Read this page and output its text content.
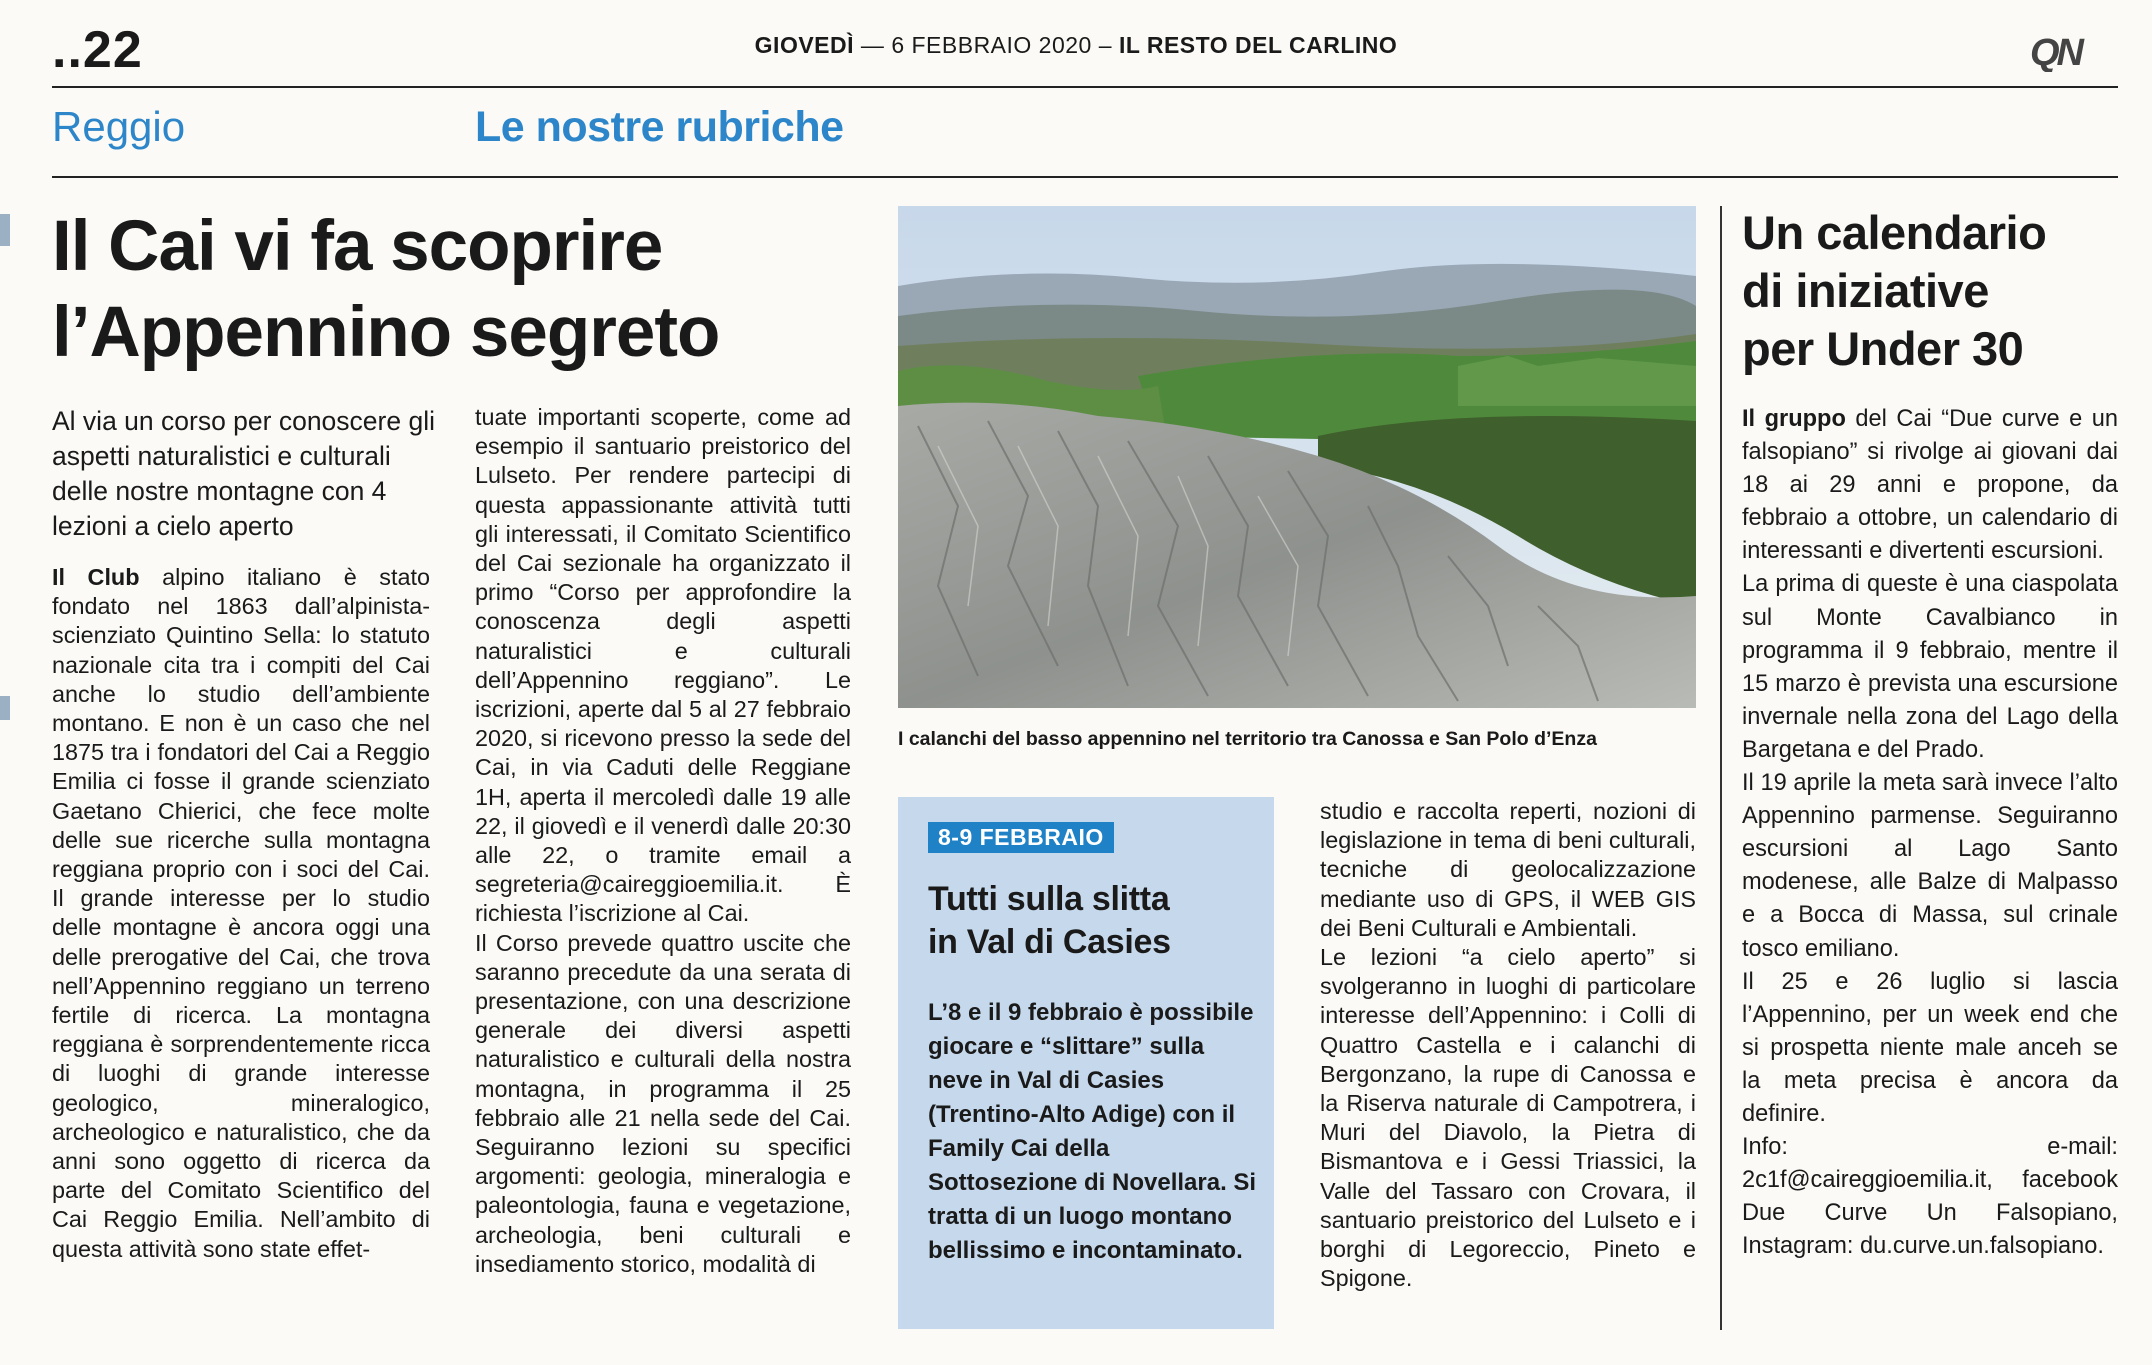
..22	GIOVEDÌ — 6 FEBBRAIO 2020 – IL RESTO DEL CARLINO	QN
Reggio	Le nostre rubriche
Il Cai vi fa scoprire
l’Appennino segreto
Al via un corso per conoscere gli aspetti naturalistici e culturali delle nostre montagne con 4 lezioni a cielo aperto

Il Club alpino italiano è stato fondato nel 1863 dall’alpinista-scienziato Quintino Sella: lo statuto nazionale cita tra i compiti del Cai anche lo studio dell’ambiente montano. E non è un caso che nel 1875 tra i fondatori del Cai a Reggio Emilia ci fosse il grande scienziato Gaetano Chierici, che fece molte delle sue ricerche sulla montagna reggiana proprio con i soci del Cai. Il grande interesse per lo studio delle montagne è ancora oggi una delle prerogative del Cai, che trova nell’Appennino reggiano un terreno fertile di ricerca. La montagna reggiana è sorprendentemente ricca di luoghi di grande interesse geologico, mineralogico, archeologico e naturalistico, che da anni sono oggetto di ricerca da parte del Comitato Scientifico del Cai Reggio Emilia. Nell’ambito di questa attività sono state effet-

tuate importanti scoperte, come ad esempio il santuario preistorico del Lulseto. Per rendere partecipi di questa appassionante attività tutti gli interessati, il Comitato Scientifico del Cai sezionale ha organizzato il primo “Corso per approfondire la conoscenza degli aspetti naturalistici e culturali dell’Appennino reggiano”. Le iscrizioni, aperte dal 5 al 27 febbraio 2020, si ricevono presso la sede del Cai, in via Caduti delle Reggiane 1H, aperta il mercoledì dalle 19 alle 22, il giovedì e il venerdì dalle 20:30 alle 22, o tramite email a segreteria@caireggioemilia.it. È richiesta l’iscrizione al Cai.

Il Corso prevede quattro uscite che saranno precedute da una serata di presentazione, con una descrizione generale dei diversi aspetti naturalistico e culturali della nostra montagna, in programma il 25 febbraio alle 21 nella sede del Cai. Seguiranno lezioni su specifici argomenti: geologia, mineralogia e paleontologia, fauna e vegetazione, archeologia, beni culturali e insediamento storico, modalità di

I calanchi del basso appennino nel territorio tra Canossa e San Polo d’Enza
8-9 FEBBRAIO
Tutti sulla slitta
in Val di Casies
L’8 e il 9 febbraio è possibile giocare e “slittare” sulla neve in Val di Casies (Trentino-Alto Adige) con il Family Cai della Sottosezione di Novellara. Si tratta di un luogo montano bellissimo e incontaminato.

studio e raccolta reperti, nozioni di legislazione in tema di beni culturali, tecniche di geolocalizzazione mediante uso di GPS, il WEB GIS dei Beni Culturali e Ambientali.

Le lezioni “a cielo aperto” si svolgeranno in luoghi di particolare interesse dell’Appennino: i Colli di Quattro Castella e i calanchi di Bergonzano, la rupe di Canossa e la Riserva naturale di Campotrera, i Muri del Diavolo, la Pietra di Bismantova e i Gessi Triassici, la Valle del Tassaro con Crovara, il santuario preistorico del Lulseto e i borghi di Legoreccio, Pineto e Spigone.

Un calendario
di iniziative
per Under 30

Il gruppo del Cai “Due curve e un falsopiano” si rivolge ai giovani dai 18 ai 29 anni e propone, da febbraio a ottobre, un calendario di interessanti e divertenti escursioni.

La prima di queste è una ciaspolata sul Monte Cavalbianco in programma il 9 febbraio, mentre il 15 marzo è prevista una escursione invernale nella zona del Lago della Bargetana e del Prado.

Il 19 aprile la meta sarà invece l’alto Appennino parmense. Seguiranno escursioni al Lago Santo modenese, alle Balze di Malpasso e a Bocca di Massa, sul crinale tosco emiliano.

Il 25 e 26 luglio si lascia l’Appennino, per un week end che si prospetta niente male anceh se la meta precisa è ancora da definire.

Info: e-mail: 2c1f@caireggioemilia.it, facebook Due Curve Un Falsopiano, Instagram: du.curve.un.falsopiano.
